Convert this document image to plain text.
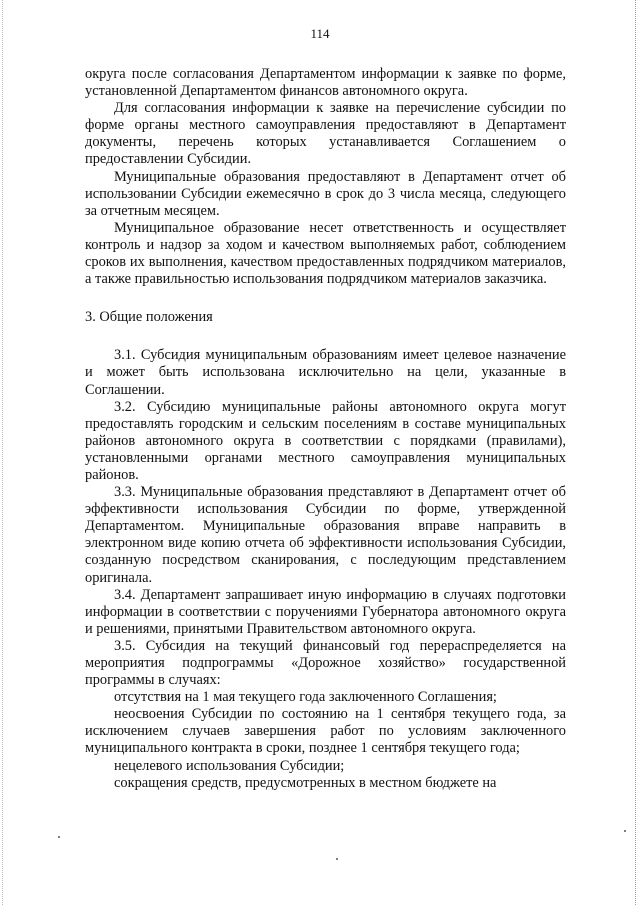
114

округа после согласования Департаментом информации к заявке по форме, установленной Департаментом финансов автономного округа.

Для согласования информации к заявке на перечисление субсидии по форме органы местного самоуправления предоставляют в Департамент документы, перечень которых устанавливается Соглашением о предоставлении Субсидии.

Муниципальные образования предоставляют в Департамент отчет об использовании Субсидии ежемесячно в срок до 3 числа месяца, следующего за отчетным месяцем.

Муниципальное образование несет ответственность и осуществляет контроль и надзор за ходом и качеством выполняемых работ, соблюдением сроков их выполнения, качеством предоставленных подрядчиком материалов, а также правильностью использования подрядчиком материалов заказчика.

3. Общие положения

3.1. Субсидия муниципальным образованиям имеет целевое назначение и может быть использована исключительно на цели, указанные в Соглашении.

3.2. Субсидию муниципальные районы автономного округа могут предоставлять городским и сельским поселениям в составе муниципальных районов автономного округа в соответствии с порядками (правилами), установленными органами местного самоуправления муниципальных районов.

3.3. Муниципальные образования представляют в Департамент отчет об эффективности использования Субсидии по форме, утвержденной Департаментом. Муниципальные образования вправе направить в электронном виде копию отчета об эффективности использования Субсидии, созданную посредством сканирования, с последующим представлением оригинала.

3.4. Департамент запрашивает иную информацию в случаях подготовки информации в соответствии с поручениями Губернатора автономного округа и решениями, принятыми Правительством автономного округа.

3.5. Субсидия на текущий финансовый год перераспределяется на мероприятия подпрограммы «Дорожное хозяйство» государственной программы в случаях:

отсутствия на 1 мая текущего года заключенного Соглашения;

неосвоения Субсидии по состоянию на 1 сентября текущего года, за исключением случаев завершения работ по условиям заключенного муниципального контракта в сроки, позднее 1 сентября текущего года;

нецелевого использования Субсидии;

сокращения средств, предусмотренных в местном бюджете на
